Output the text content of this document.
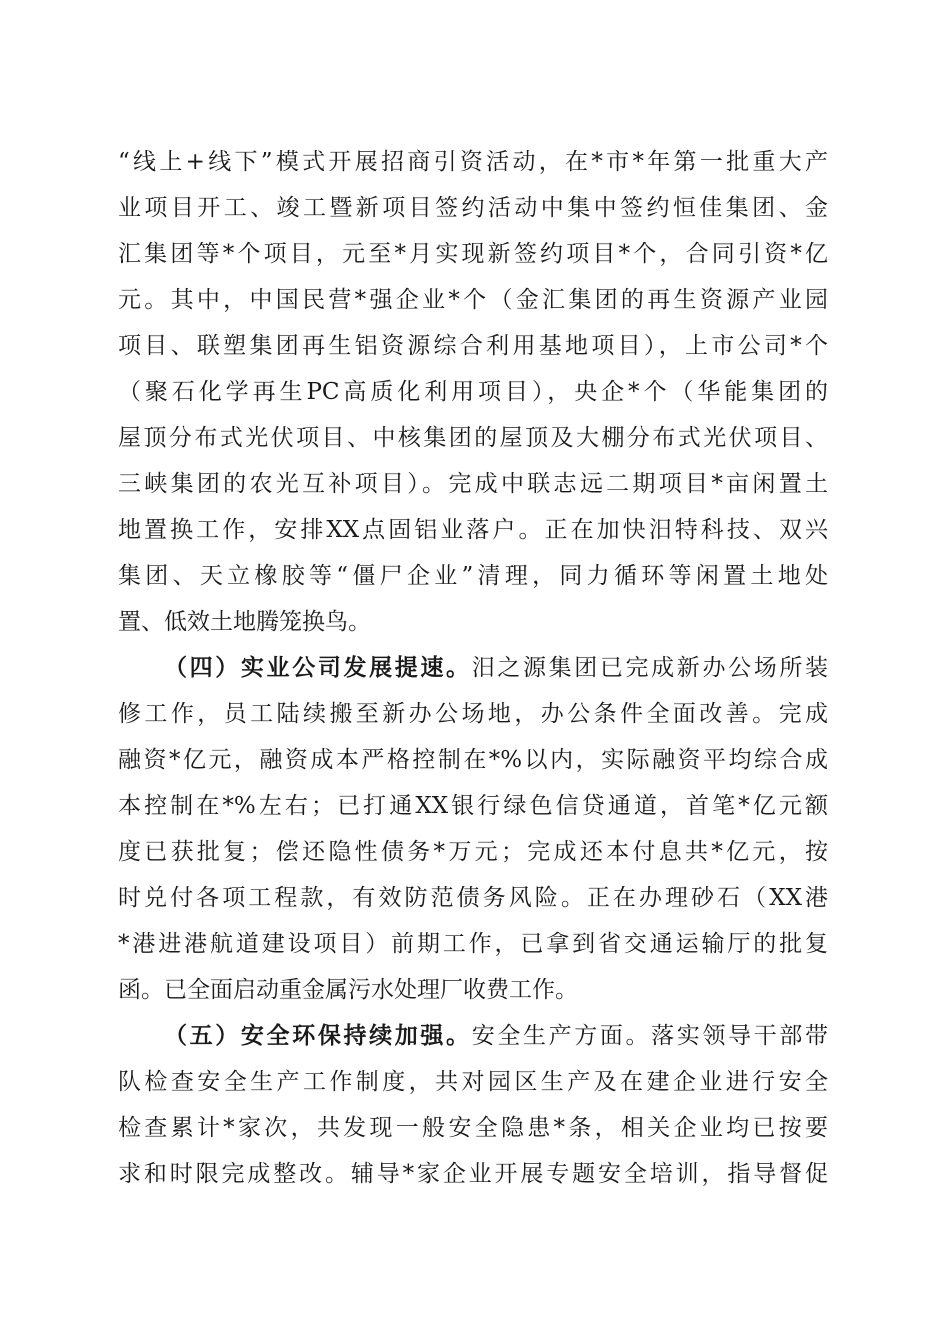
“线上+线下”模式开展招商引资活动，在*市*年第一批重大产
业项目开工、竣工暨新项目签约活动中集中签约恒佳集团、金
汇集团等*个项目，元至*月实现新签约项目*个，合同引资*亿
元。其中，中国民营*强企业*个（金汇集团的再生资源产业园
项目、联塑集团再生铝资源综合利用基地项目），上市公司*个
（聚石化学再生PC高质化利用项目），央企*个（华能集团的
屋顶分布式光伏项目、中核集团的屋顶及大棚分布式光伏项目、
三峡集团的农光互补项目）。完成中联志远二期项目*亩闲置土
地置换工作，安排XX点固铝业落户。正在加快汨特科技、双兴
集团、天立橡胶等“僵尸企业”清理，同力循环等闲置土地处
置、低效土地腾笼换鸟。
（四）实业公司发展提速。汨之源集团已完成新办公场所装
修工作，员工陆续搬至新办公场地，办公条件全面改善。完成
融资*亿元，融资成本严格控制在*%以内，实际融资平均综合成
本控制在*%左右；已打通XX银行绿色信贷通道，首笔*亿元额
度已获批复；偿还隐性债务*万元；完成还本付息共*亿元，按
时兑付各项工程款，有效防范债务风险。正在办理砂石（XX港
*港进港航道建设项目）前期工作，已拿到省交通运输厅的批复
函。已全面启动重金属污水处理厂收费工作。
（五）安全环保持续加强。安全生产方面。落实领导干部带
队检查安全生产工作制度，共对园区生产及在建企业进行安全
检查累计*家次，共发现一般安全隐患*条，相关企业均已按要
求和时限完成整改。辅导*家企业开展专题安全培训，指导督促
